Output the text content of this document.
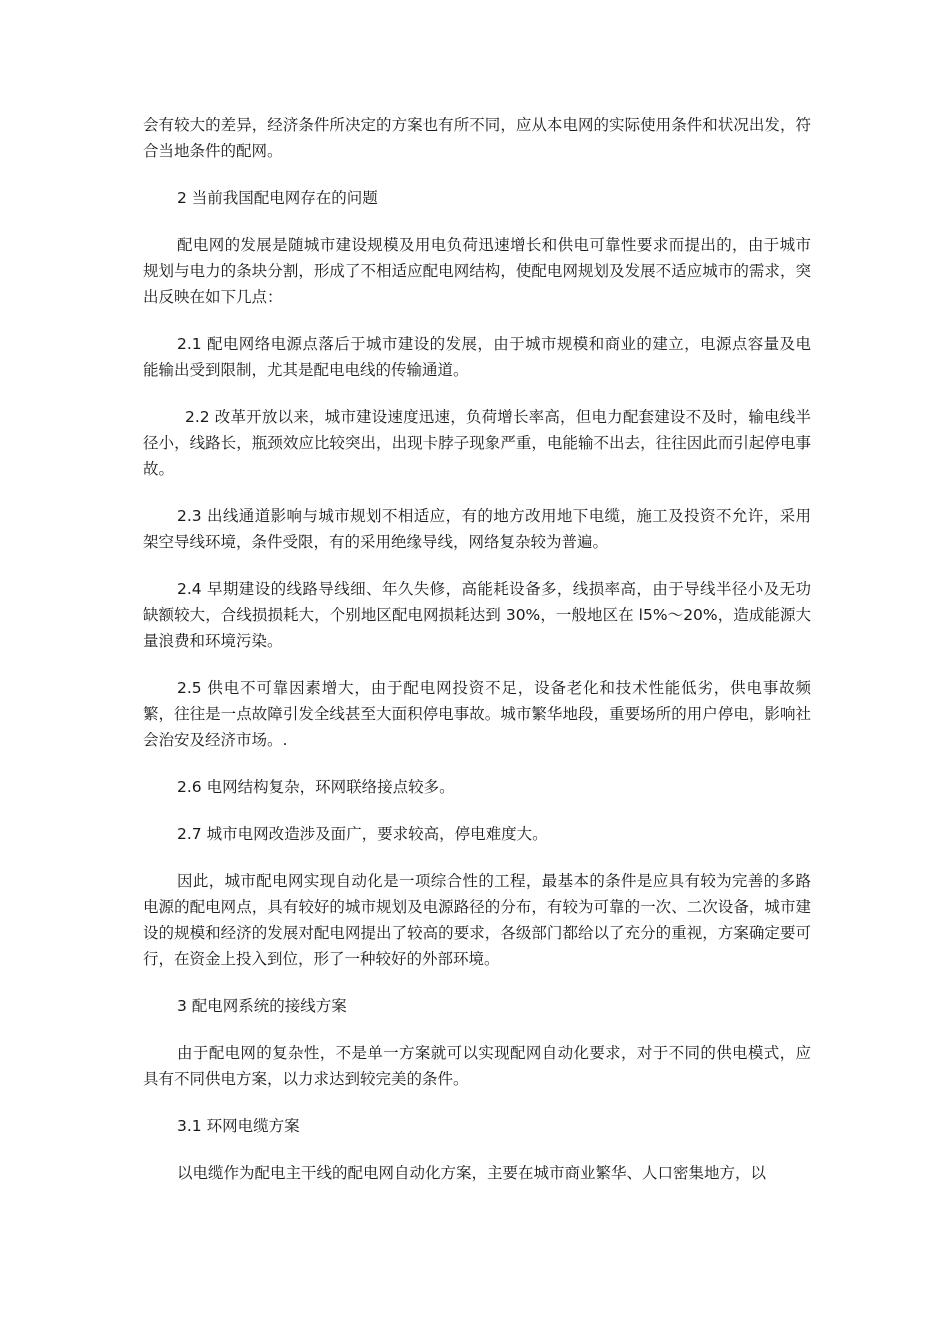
会有较大的差异，经济条件所决定的方案也有所不同，应从本电网的实际使用条件和状况出发，符合当地条件的配网。

2 当前我国配电网存在的问题

配电网的发展是随城市建设规模及用电负荷迅速增长和供电可靠性要求而提出的，由于城市规划与电力的条块分割，形成了不相适应配电网结构，使配电网规划及发展不适应城市的需求，突出反映在如下几点：

2.1 配电网络电源点落后于城市建设的发展，由于城市规模和商业的建立，电源点容量及电能输出受到限制，尤其是配电电线的传输通道。

2.2 改革开放以来，城市建设速度迅速，负荷增长率高，但电力配套建设不及时，输电线半径小，线路长，瓶颈效应比较突出，出现卡脖子现象严重，电能输不出去，往往因此而引起停电事故。

2.3 出线通道影响与城市规划不相适应，有的地方改用地下电缆，施工及投资不允许，采用架空导线环境，条件受限，有的采用绝缘导线，网络复杂较为普遍。

2.4 早期建设的线路导线细、年久失修，高能耗设备多，线损率高，由于导线半径小及无功缺额较大，合线损损耗大，个别地区配电网损耗达到 30%，一般地区在 l5%～20%，造成能源大量浪费和环境污染。

2.5 供电不可靠因素增大，由于配电网投资不足，设备老化和技术性能低劣，供电事故频繁，往往是一点故障引发全线甚至大面积停电事故。城市繁华地段，重要场所的用户停电，影响社会治安及经济市场。.

2.6 电网结构复杂，环网联络接点较多。

2.7 城市电网改造涉及面广，要求较高，停电难度大。

因此，城市配电网实现自动化是一项综合性的工程，最基本的条件是应具有较为完善的多路电源的配电网点，具有较好的城市规划及电源路径的分布，有较为可靠的一次、二次设备，城市建设的规模和经济的发展对配电网提出了较高的要求，各级部门都给以了充分的重视，方案确定要可行，在资金上投入到位，形了一种较好的外部环境。

3 配电网系统的接线方案

由于配电网的复杂性，不是单一方案就可以实现配网自动化要求，对于不同的供电模式，应具有不同供电方案，以力求达到较完美的条件。

3.1 环网电缆方案

以电缆作为配电主干线的配电网自动化方案，主要在城市商业繁华、人口密集地方，以
